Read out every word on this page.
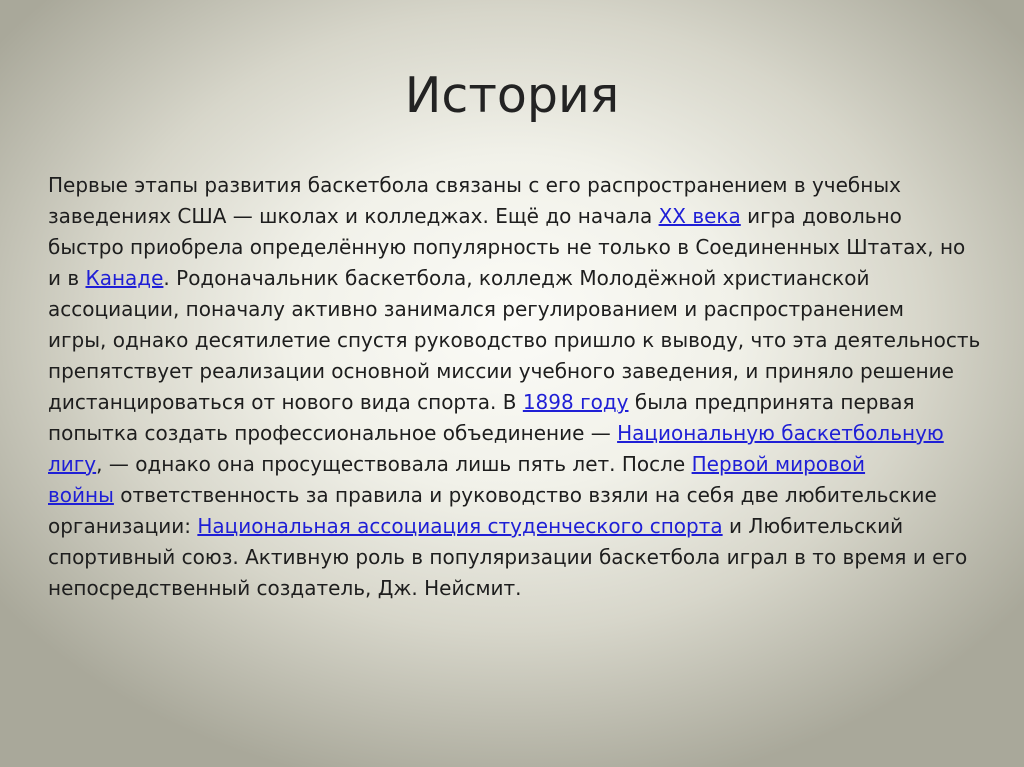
История
Первые этапы развития баскетбола связаны с его распространением в учебных
заведениях США — школах и колледжах. Ещё до начала XX века игра довольно
быстро приобрела определённую популярность не только в Соединенных Штатах, но
и в Канаде. Родоначальник баскетбола, колледж Молодёжной христианской
ассоциации, поначалу активно занимался регулированием и распространением
игры, однако десятилетие спустя руководство пришло к выводу, что эта деятельность
препятствует реализации основной миссии учебного заведения, и приняло решение
дистанцироваться от нового вида спорта. В 1898 году была предпринята первая
попытка создать профессиональное объединение — Национальную баскетбольную
лигу, — однако она просуществовала лишь пять лет. После Первой мировой
войны ответственность за правила и руководство взяли на себя две любительские
организации: Национальная ассоциация студенческого спорта и Любительский
спортивный союз. Активную роль в популяризации баскетбола играл в то время и его
непосредственный создатель, Дж. Нейсмит.
